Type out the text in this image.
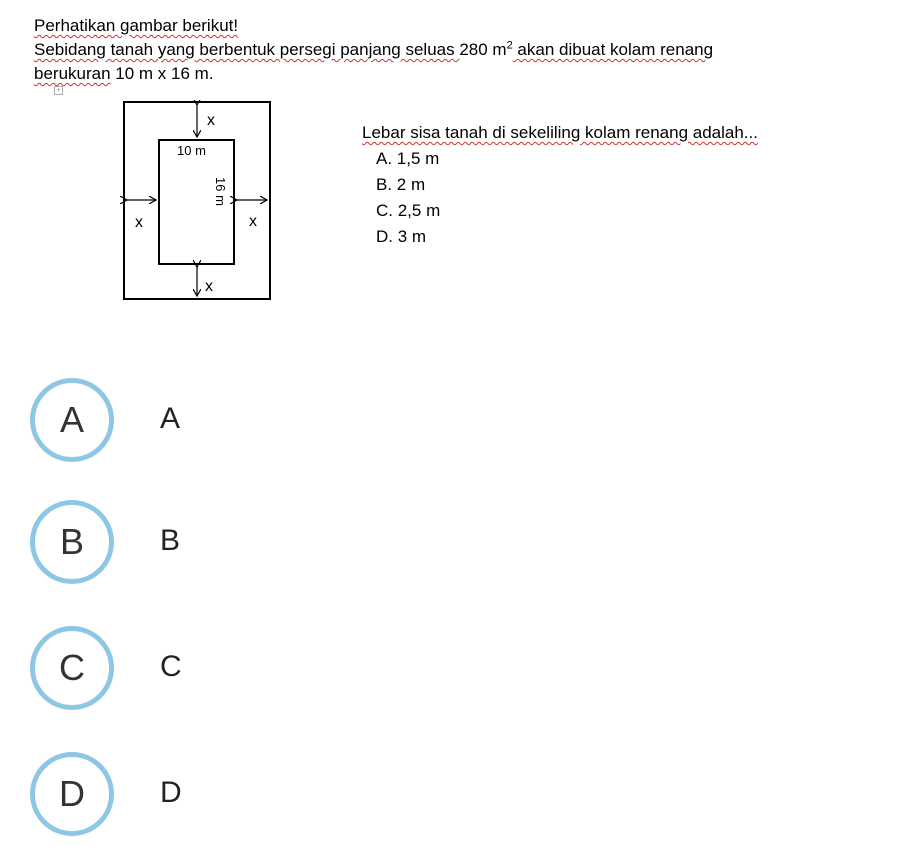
Perhatikan gambar berikut!
Sebidang tanah yang berbentuk persegi panjang seluas 280 $m^2$ akan dibuat kolam renang
berukuran 10 m x 16 m.
+
x
x
x	x
10 m
16 m

Lebar sisa tanah di sekeliling kolam renang adalah...

A. 1,5 m
B. 2 m
C. 2,5 m
D. 3 m
A	A
B	B
C	C
D	D
